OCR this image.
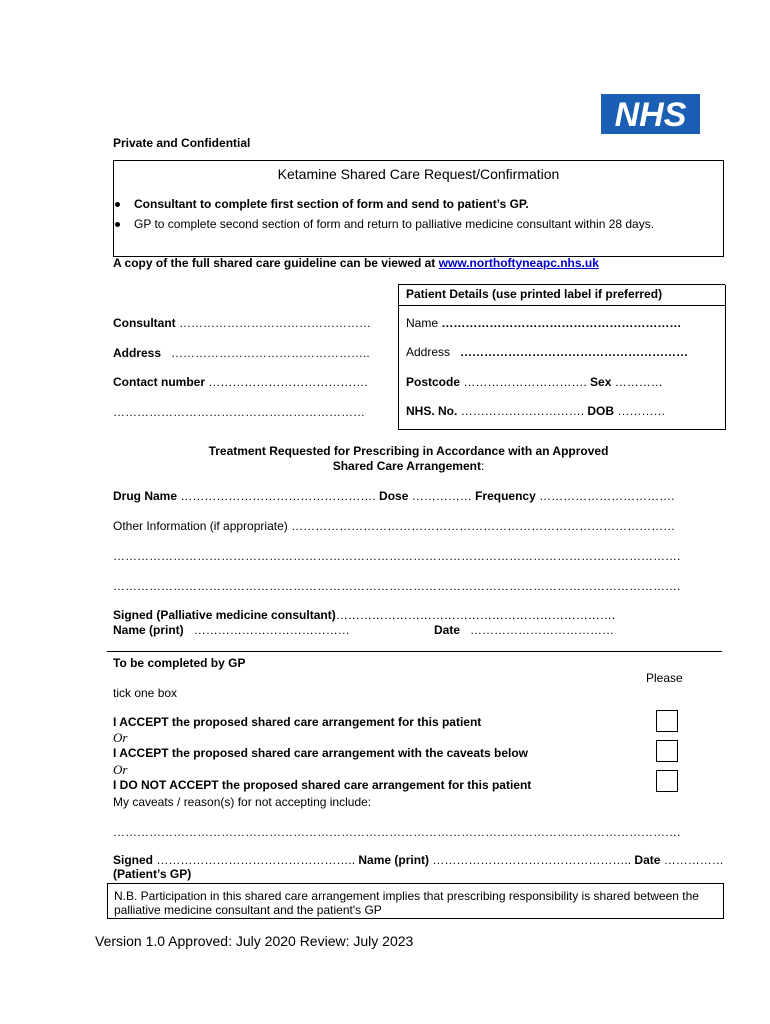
NHS
Private and Confidential
Ketamine Shared Care Request/Confirmation
Consultant to complete first section of form and send to patient’s GP.
GP to complete second section of form and return to palliative medicine consultant within 28 days.
A copy of the full shared care guideline can be viewed at www.northoftyneapc.nhs.uk
Patient Details (use printed label if preferred)
Consultant …………………………………………
Address …………………………………………..
Contact number ………………………………….
………………………………………………………
Name ……………………………………………………
Address …………………………………………………
Postcode …………………………. Sex …………
NHS. No. …………………………. DOB …………
Treatment Requested for Prescribing in Accordance with an Approved
Shared Care Arrangement:
Drug Name …………………………………………. Dose …………… Frequency …………………………….
Other Information (if appropriate) ……………………………………………………………………………………
…………………………………………………………………………………………………………………………….
…………………………………………………………………………………………………………………………….
Signed (Palliative medicine consultant)…………………………………………………………….
Name (print) …………………………………	Date ………………………………
To be completed by GP
Please
tick one box
I ACCEPT the proposed shared care arrangement for this patient
Or
I ACCEPT the proposed shared care arrangement with the caveats below
Or
I DO NOT ACCEPT the proposed shared care arrangement for this patient
My caveats / reason(s) for not accepting include:
…………………………………………………………………………………………………………………………….
Signed ………………………………………….. Name (print) ………………………………………….. Date ……………
(Patient’s GP)
N.B. Participation in this shared care arrangement implies that prescribing responsibility is shared between the palliative medicine consultant and the patient's GP
Version 1.0 Approved: July 2020 Review: July 2023
